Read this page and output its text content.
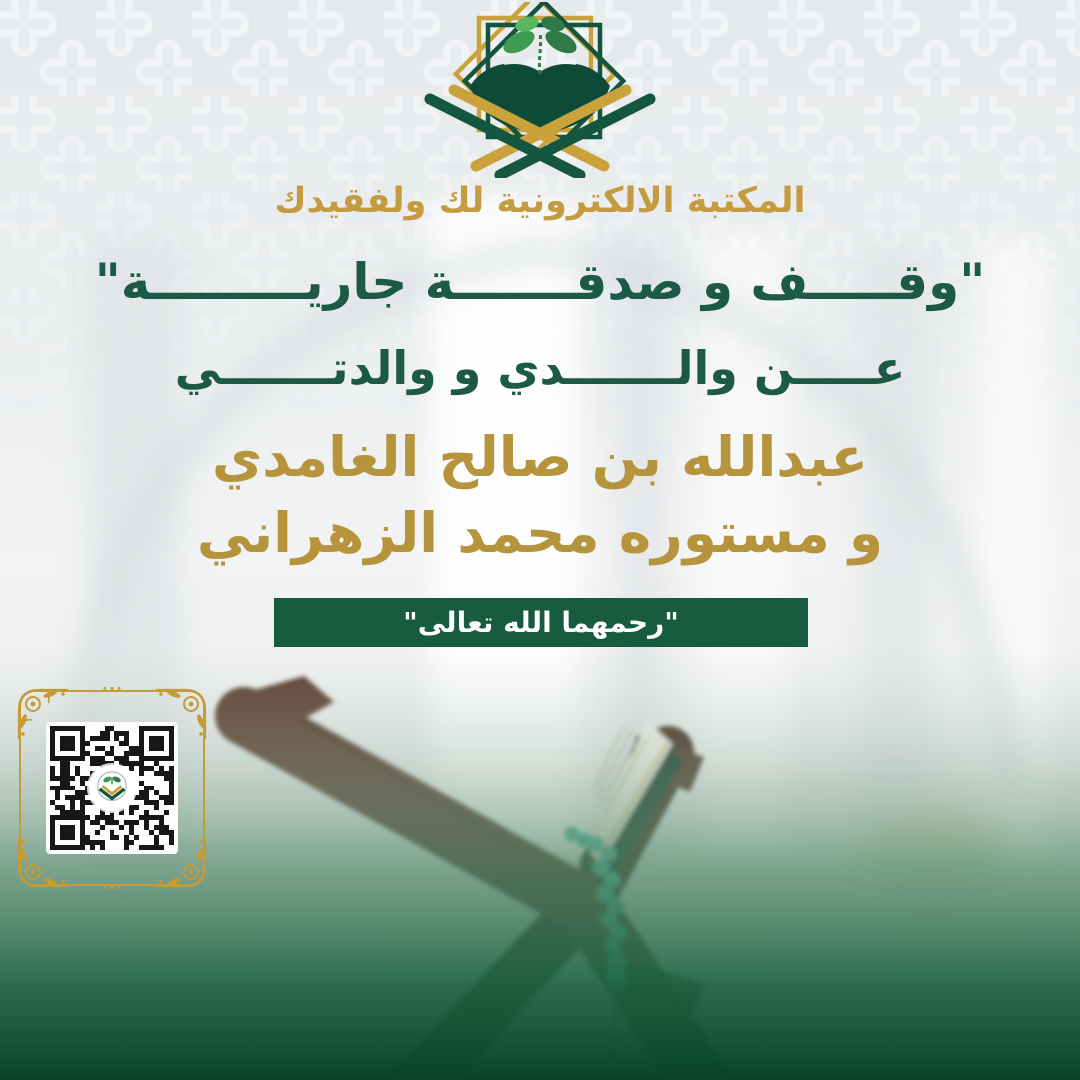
المكتبة الالكترونية لك ولفقيدك
"وقـــــف و صدقـــــــة جاريـــــــــة"
عـــــن والـــــــدي و والدتـــــــي
عبدالله بن صالح الغامدي
و مستوره محمد الزهراني
"رحمهما الله تعالى"
